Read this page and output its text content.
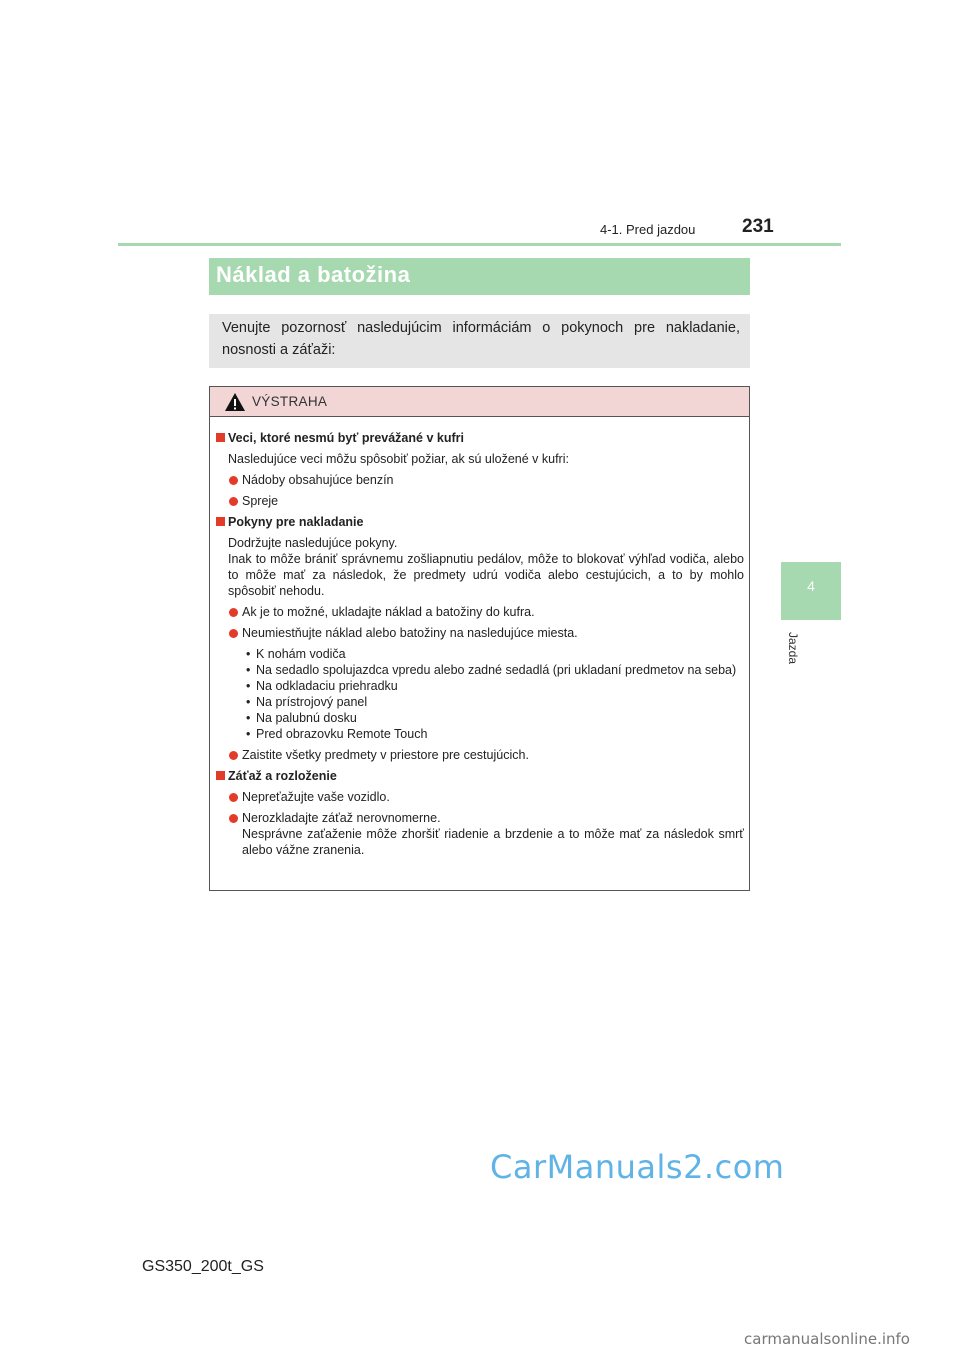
4-1. Pred jazdou 231
4
Jazda
Náklad a batožina
Venujte pozornosť nasledujúcim informáciám o pokynoch pre nakladanie, nosnosti a záťaži:
VÝSTRAHA
Veci, ktoré nesmú byť prevážané v kufri
Nasledujúce veci môžu spôsobiť požiar, ak sú uložené v kufri:
Nádoby obsahujúce benzín
Spreje
Pokyny pre nakladanie
Dodržujte nasledujúce pokyny.
Inak to môže brániť správnemu zošliapnutiu pedálov, môže to blokovať výhľad vodiča, alebo to môže mať za následok, že predmety udrú vodiča alebo cestujúcich, a to by mohlo spôsobiť nehodu.
Ak je to možné, ukladajte náklad a batožiny do kufra.
Neumiestňujte náklad alebo batožiny na nasledujúce miesta.
• K nohám vodiča
• Na sedadlo spolujazdca vpredu alebo zadné sedadlá (pri ukladaní predmetov na seba)
• Na odkladaciu priehradku
• Na prístrojový panel
• Na palubnú dosku
• Pred obrazovku Remote Touch
Zaistite všetky predmety v priestore pre cestujúcich.
Záťaž a rozloženie
Nepreťažujte vaše vozidlo.
Nerozkladajte záťaž nerovnomerne.
Nesprávne zaťaženie môže zhoršiť riadenie a brzdenie a to môže mať za následok smrť alebo vážne zranenia.
GS350_200t_GS
CarManuals2.com
carmanualsonline.info
